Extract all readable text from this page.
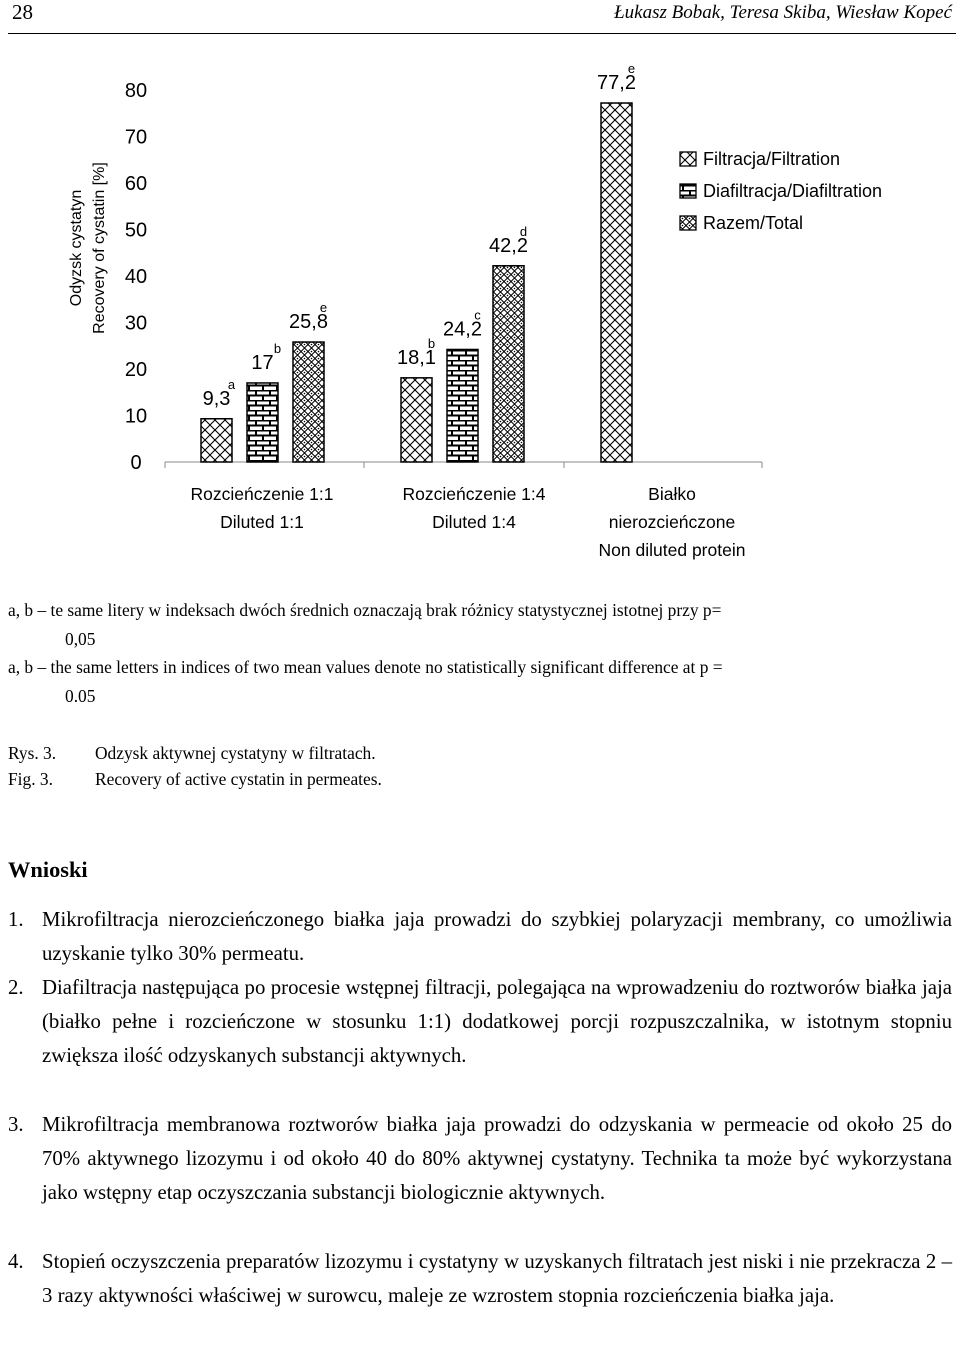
28	Łukasz Bobak, Teresa Skiba, Wiesław Kopeć
Odyzsk cystatyn Recovery of cystatin [%]
0
10
20
30
40
50
60
70
80
9,3
a
17
b
25,8
e
18,1
b
24,2
c
42,2
d
77,2
e
Rozcieńczenie 1:1
Diluted 1:1
Rozcieńczenie 1:4
Diluted 1:4
Białko
nierozcieńczone
Non diluted protein
Filtracja/Filtration
Diafiltracja/Diafiltration
Razem/Total
a, b – te same litery w indeksach dwóch średnich oznaczają brak różnicy statystycznej istotnej przy p=
0,05
a, b – the same letters in indices of two mean values denote no statistically significant difference at p =
0.05
Rys. 3. Odzysk aktywnej cystatyny w filtratach.
Fig. 3. Recovery of active cystatin in permeates.
Wnioski
1. Mikrofiltracja nierozcieńczonego białka jaja prowadzi do szybkiej polaryzacji membrany, co umożliwia uzyskanie tylko 30% permeatu.
2. Diafiltracja następująca po procesie wstępnej filtracji, polegająca na wprowadzeniu do roztworów białka jaja (białko pełne i rozcieńczone w stosunku 1:1) dodatkowej porcji rozpuszczalnika, w istotnym stopniu zwiększa ilość odzyskanych substancji aktywnych.
3. Mikrofiltracja membranowa roztworów białka jaja prowadzi do odzyskania w permeacie od około 25 do 70% aktywnego lizozymu i od około 40 do 80% aktywnej cystatyny. Technika ta może być wykorzystana jako wstępny etap oczyszczania substancji biologicznie aktywnych.
4. Stopień oczyszczenia preparatów lizozymu i cystatyny w uzyskanych filtratach jest niski i nie przekracza 2 – 3 razy aktywności właściwej w surowcu, maleje ze wzrostem stopnia rozcieńczenia białka jaja.
